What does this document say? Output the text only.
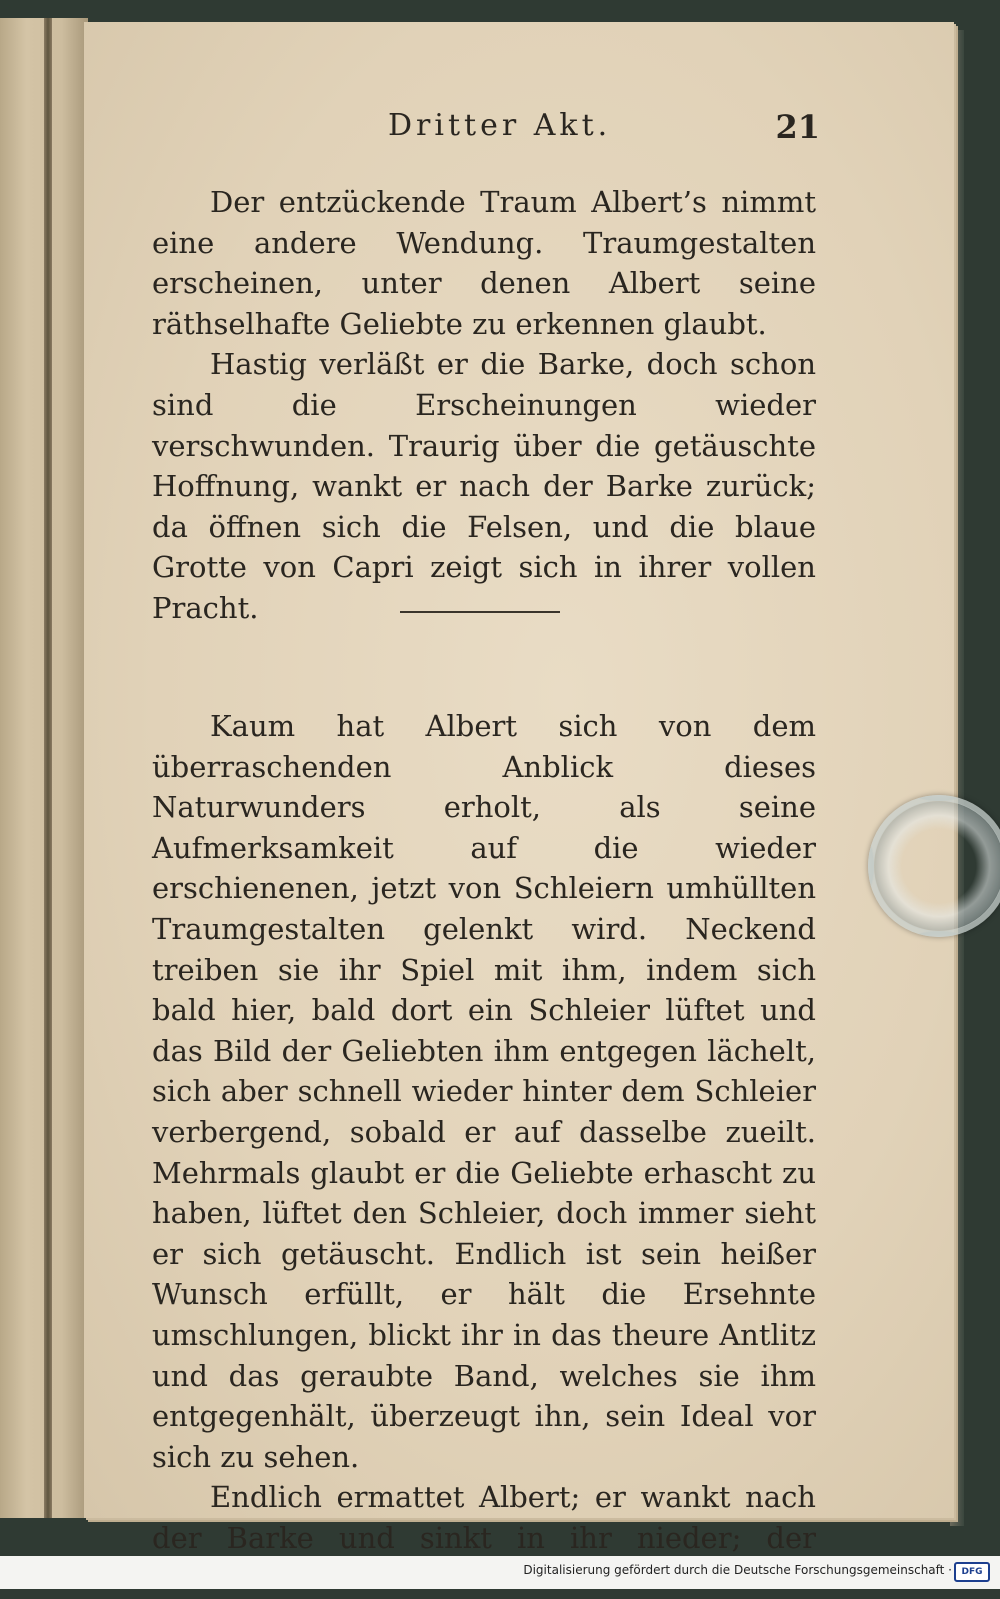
Dritter Akt.	21

Der entzückende Traum Albert’s nimmt eine andere Wendung. Traumgestalten erscheinen, unter denen Albert seine räthselhafte Geliebte zu erkennen glaubt.

Hastig verläßt er die Barke, doch schon sind die Erscheinungen wieder verschwunden. Traurig über die getäuschte Hoffnung, wankt er nach der Barke zurück; da öffnen sich die Felsen, und die blaue Grotte von Capri zeigt sich in ihrer vollen Pracht.

Kaum hat Albert sich von dem überraschenden Anblick dieses Naturwunders erholt, als seine Aufmerksamkeit auf die wieder erschienenen, jetzt von Schleiern umhüllten Traumgestalten gelenkt wird. Neckend treiben sie ihr Spiel mit ihm, indem sich bald hier, bald dort ein Schleier lüftet und das Bild der Geliebten ihm entgegen lächelt, sich aber schnell wieder hinter dem Schleier verbergend, sobald er auf dasselbe zueilt. Mehrmals glaubt er die Geliebte erhascht zu haben, lüftet den Schleier, doch immer sieht er sich getäuscht. Endlich ist sein heißer Wunsch erfüllt, er hält die Ersehnte umschlungen, blickt ihr in das theure Antlitz und das geraubte Band, welches sie ihm entgegenhält, überzeugt ihn, sein Ideal vor sich zu sehen.

Endlich ermattet Albert; er wankt nach der Barke und sinkt in ihr nieder; der

Digitalisierung gefördert durch die Deutsche Forschungsgemeinschaft ·	DFG
